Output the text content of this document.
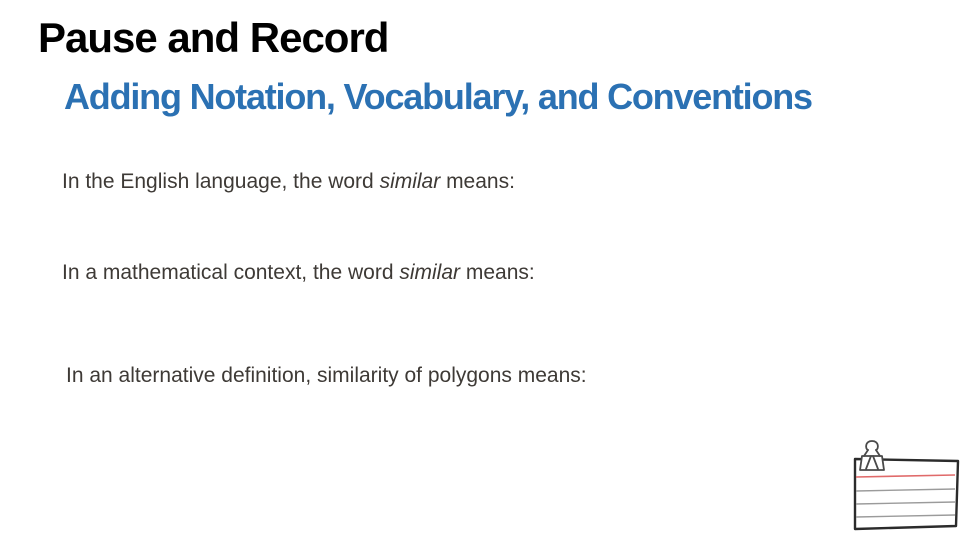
Pause and Record
Adding Notation, Vocabulary, and Conventions

In the English language, the word similar means:

In a mathematical context, the word similar means:

In an alternative definition, similarity of polygons means:
